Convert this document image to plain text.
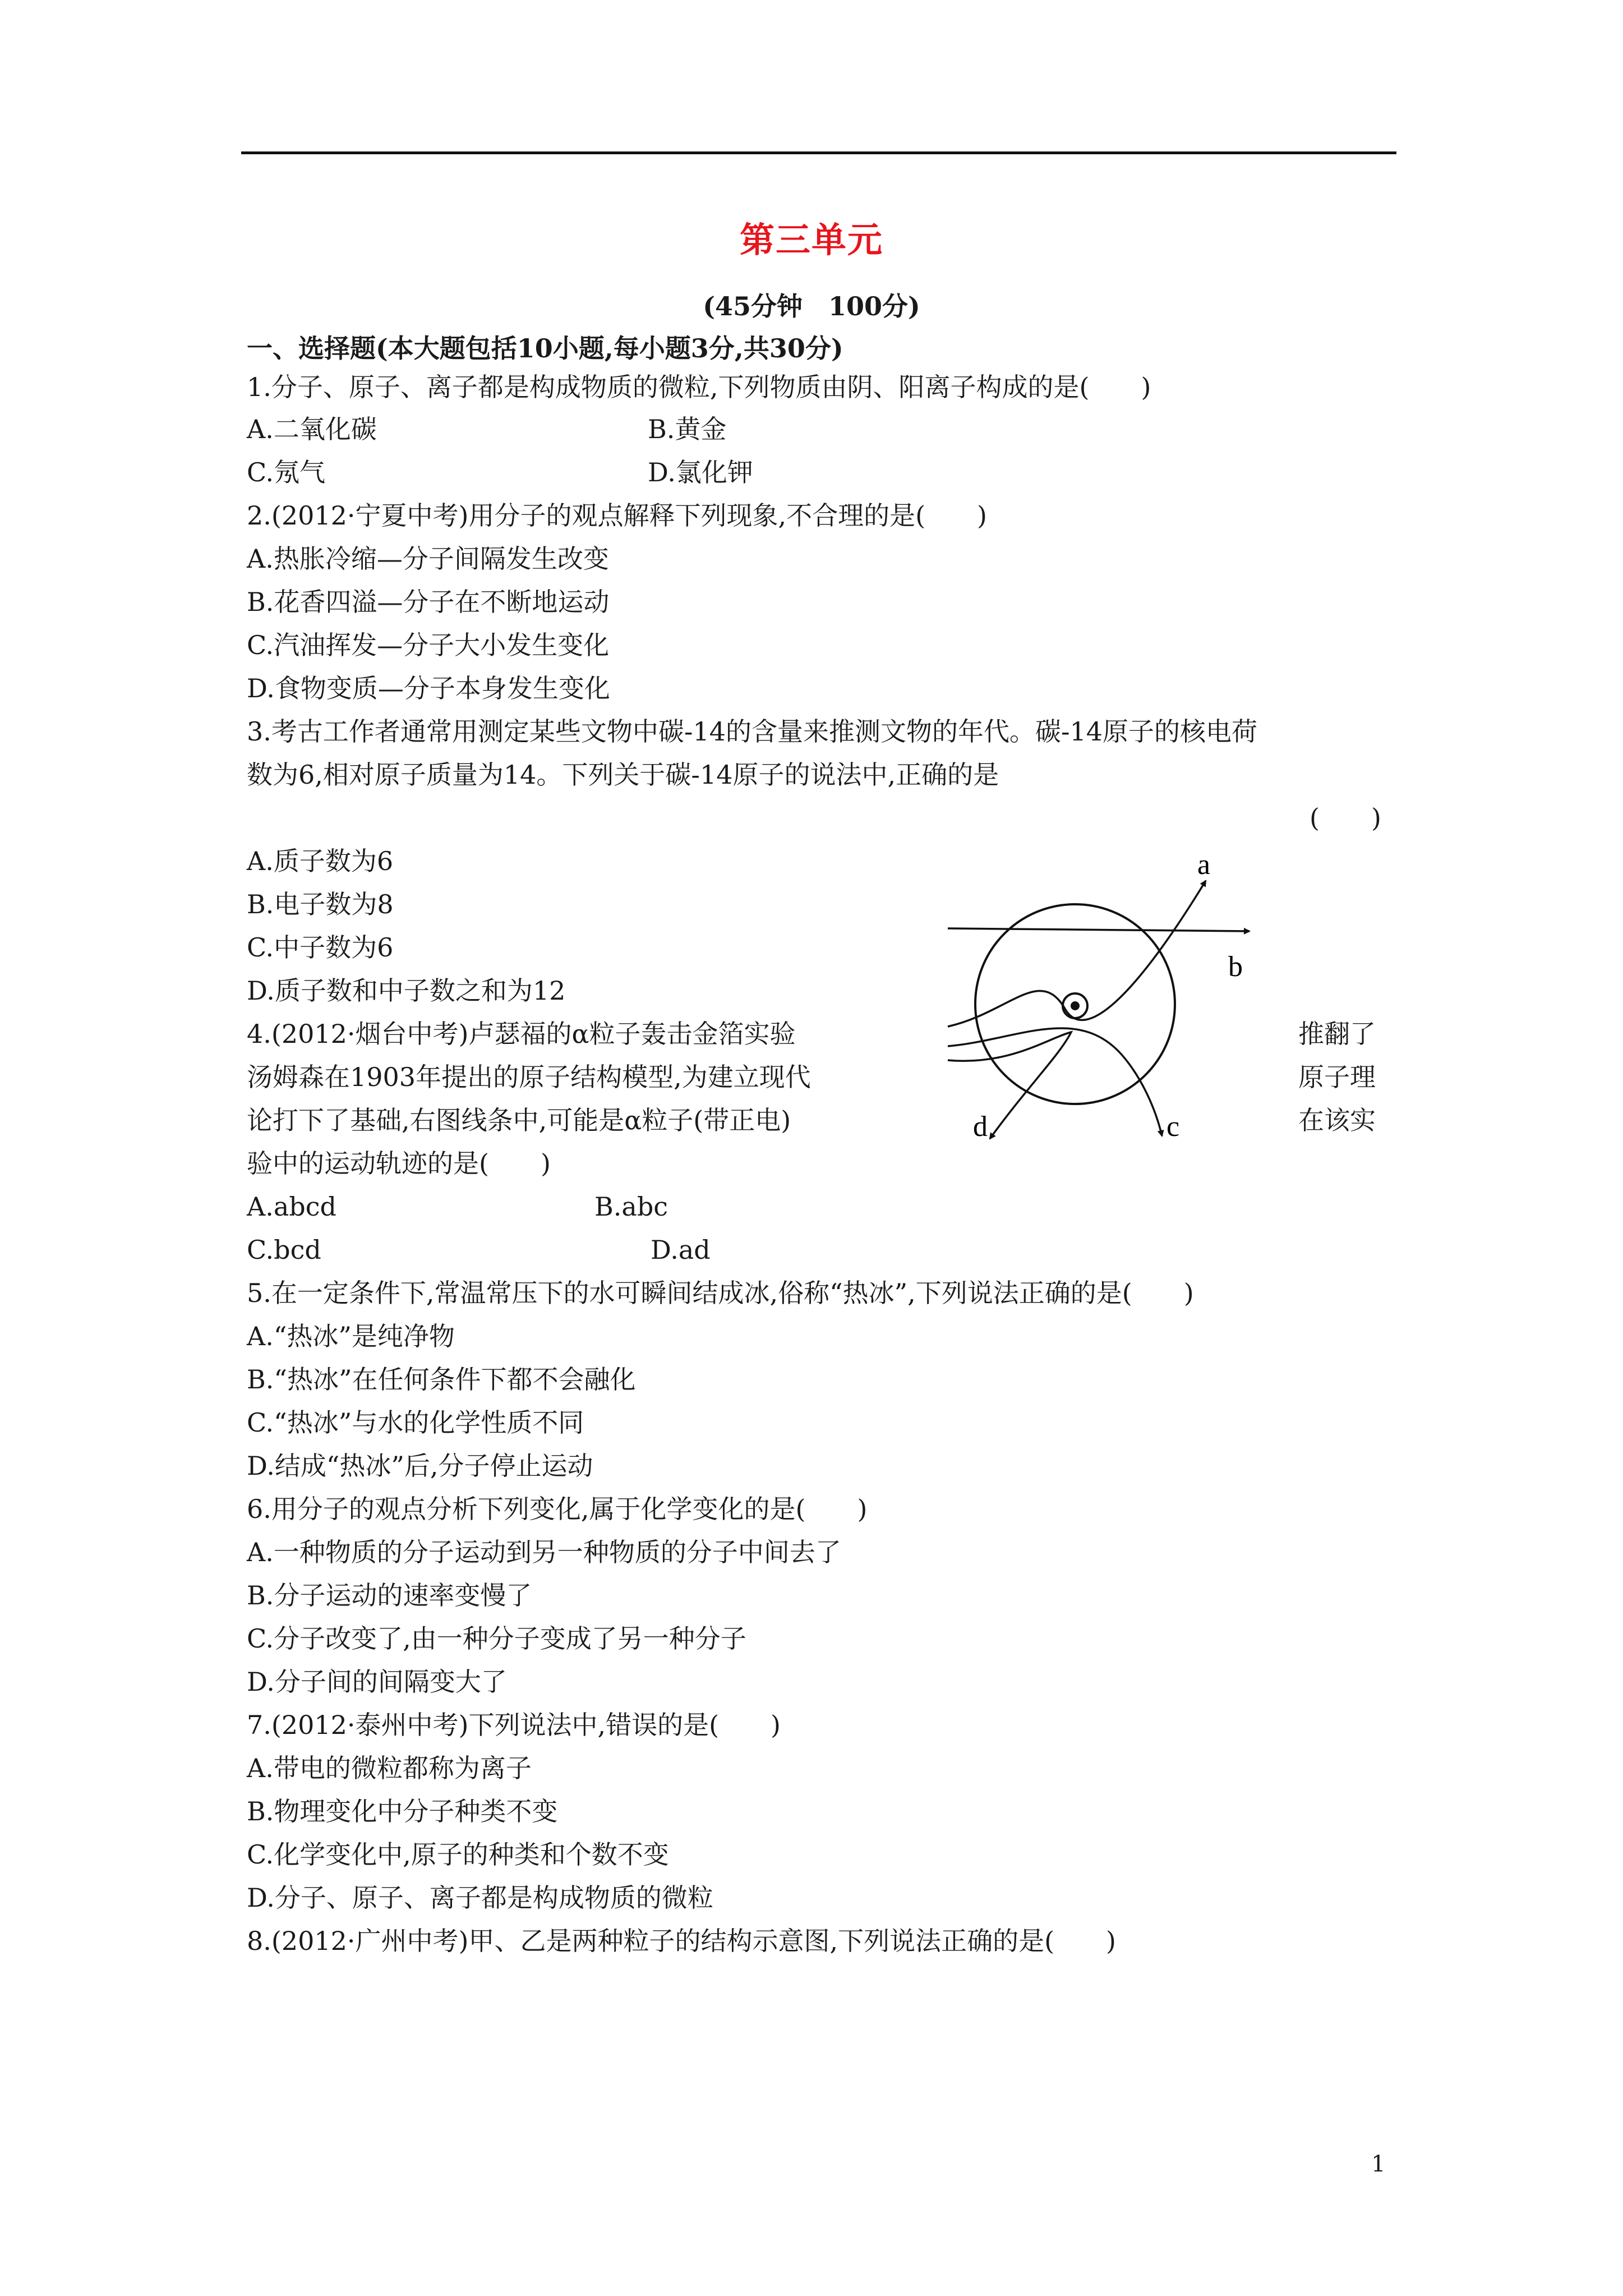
第三单元
(45分钟　100分)
一、选择题(本大题包括10小题,每小题3分,共30分)
1.分子、原子、离子都是构成物质的微粒,下列物质由阴、阳离子构成的是(　　)
A.二氧化碳	B.黄金
C.氖气	D.氯化钾
2.(2012·宁夏中考)用分子的观点解释下列现象,不合理的是(　　)
A.热胀冷缩—分子间隔发生改变
B.花香四溢—分子在不断地运动
C.汽油挥发—分子大小发生变化
D.食物变质—分子本身发生变化
3.考古工作者通常用测定某些文物中碳-14的含量来推测文物的年代。碳-14原子的核电荷
数为6,相对原子质量为14。下列关于碳-14原子的说法中,正确的是
(　　)
A.质子数为6
B.电子数为8
C.中子数为6
D.质子数和中子数之和为12
4.(2012·烟台中考)卢瑟福的α粒子轰击金箔实验	推翻了
汤姆森在1903年提出的原子结构模型,为建立现代	原子理
论打下了基础,右图线条中,可能是α粒子(带正电)	在该实
验中的运动轨迹的是(　　)
A.abcd	B.abc
C.bcd	D.ad
5.在一定条件下,常温常压下的水可瞬间结成冰,俗称“热冰”,下列说法正确的是(　　)
A.“热冰”是纯净物
B.“热冰”在任何条件下都不会融化
C.“热冰”与水的化学性质不同
D.结成“热冰”后,分子停止运动
6.用分子的观点分析下列变化,属于化学变化的是(　　)
A.一种物质的分子运动到另一种物质的分子中间去了
B.分子运动的速率变慢了
C.分子改变了,由一种分子变成了另一种分子
D.分子间的间隔变大了
7.(2012·泰州中考)下列说法中,错误的是(　　)
A.带电的微粒都称为离子
B.物理变化中分子种类不变
C.化学变化中,原子的种类和个数不变
D.分子、原子、离子都是构成物质的微粒
8.(2012·广州中考)甲、乙是两种粒子的结构示意图,下列说法正确的是(　　)
a
b
c
d
1
